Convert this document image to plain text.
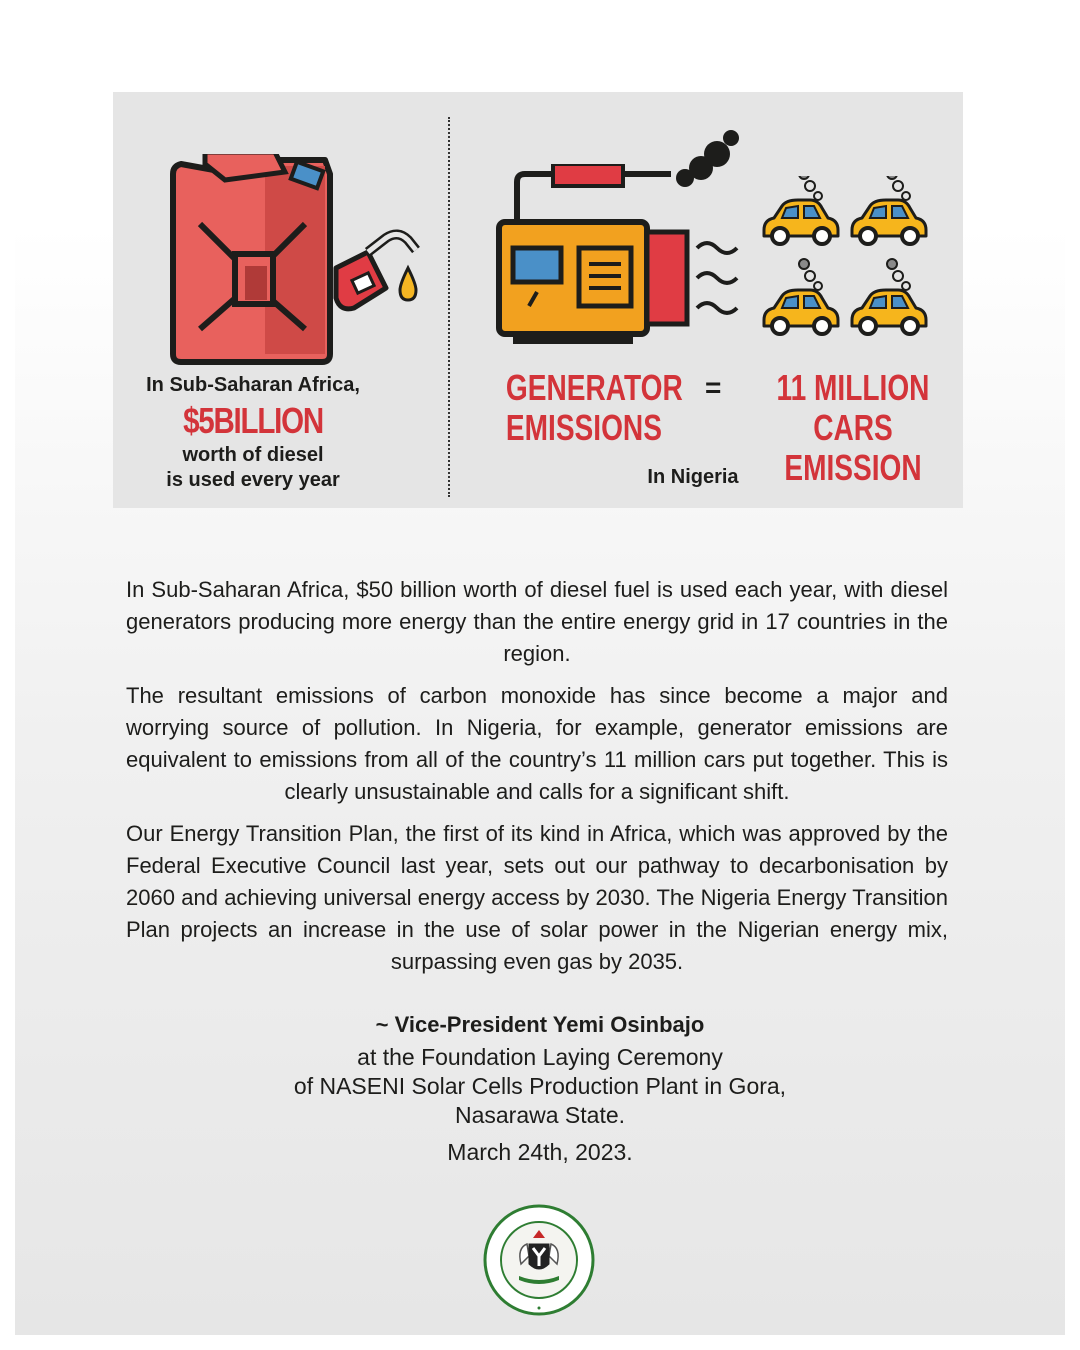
In Sub-Saharan Africa,
$5BILLION
worth of diesel
is used every year
GENERATOR
EMISSIONS
=	11 MILLION
CARS EMISSION
In Nigeria

In Sub-Saharan Africa, $50 billion worth of diesel fuel is used each year, with diesel generators producing more energy than the entire energy grid in 17 countries in the region.

The resultant emissions of carbon monoxide has since become a major and worrying source of pollution. In Nigeria, for example, generator emissions are equivalent to emissions from all of the country’s 11 million cars put together. This is clearly unsustainable and calls for a significant shift.

Our Energy Transition Plan, the first of its kind in Africa, which was approved by the Federal Executive Council last year, sets out our pathway to decarbonisation by 2060 and achieving universal energy access by 2030. The Nigeria Energy Transition Plan projects an increase in the use of solar power in the Nigerian energy mix, surpassing even gas by 2035.

~ Vice-President Yemi Osinbajo
at the Foundation Laying Ceremony
of NASENI Solar Cells Production Plant in Gora,
Nasarawa State.
March 24th, 2023.
